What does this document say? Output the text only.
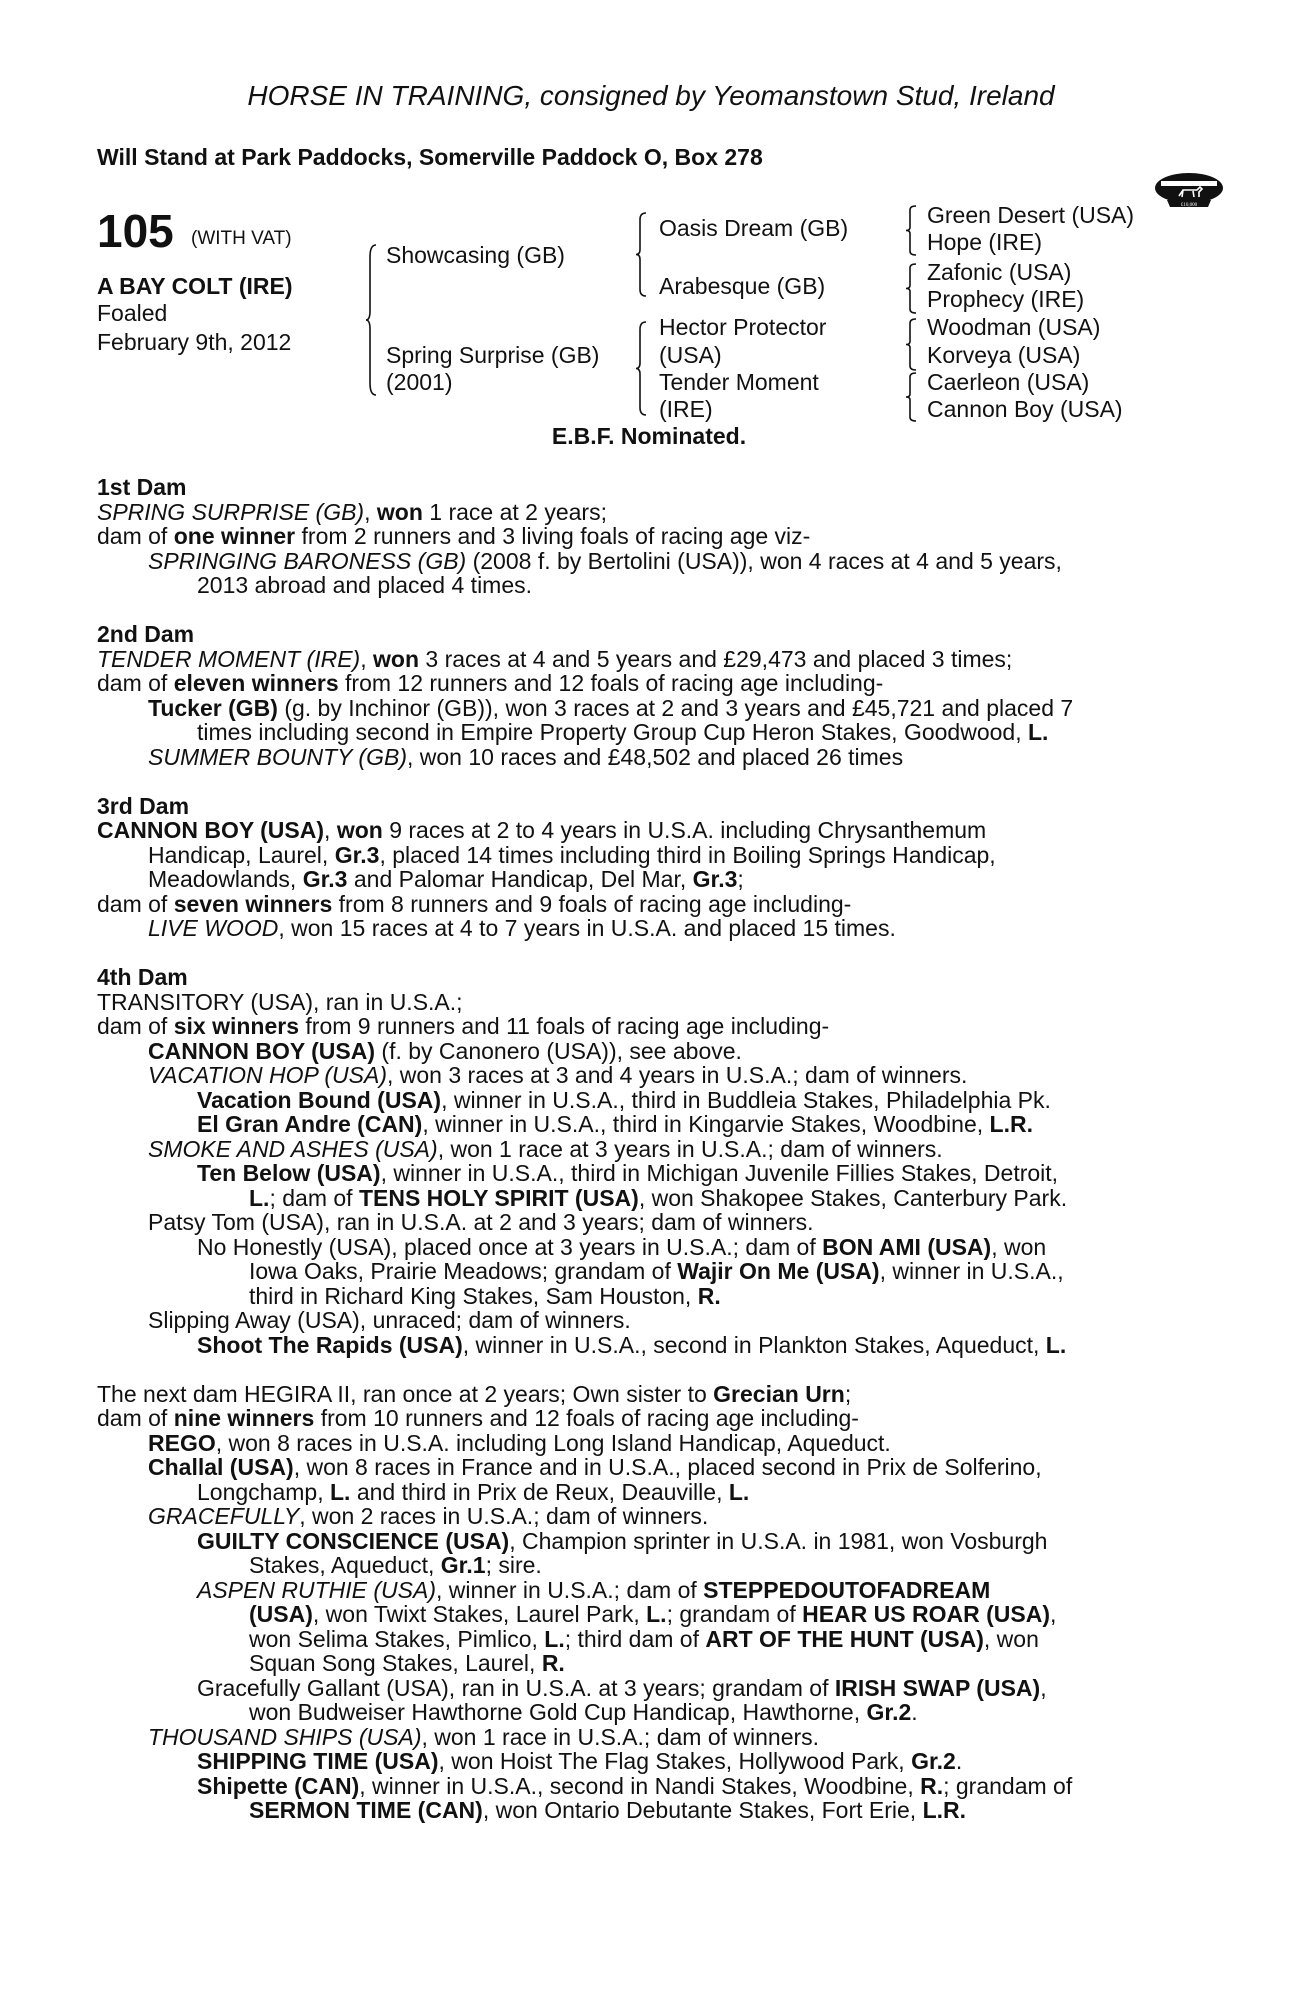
HORSE IN TRAINING, consigned by Yeomanstown Stud, Ireland
Will Stand at Park Paddocks, Somerville Paddock O, Box 278
£10,000
105 (WITH VAT)
A BAY COLT (IRE)
Foaled
February 9th, 2012
Showcasing (GB)
Spring Surprise (GB)
(2001)
Oasis Dream (GB)
Arabesque (GB)
Hector Protector
(USA)
Tender Moment
(IRE)
Green Desert (USA)
Hope (IRE)
Zafonic (USA)
Prophecy (IRE)
Woodman (USA)
Korveya (USA)
Caerleon (USA)
Cannon Boy (USA)
E.B.F. Nominated.
1st Dam
SPRING SURPRISE (GB), won 1 race at 2 years;
dam of one winner from 2 runners and 3 living foals of racing age viz-
SPRINGING BARONESS (GB) (2008 f. by Bertolini (USA)), won 4 races at 4 and 5 years,
2013 abroad and placed 4 times.
2nd Dam
TENDER MOMENT (IRE), won 3 races at 4 and 5 years and £29,473 and placed 3 times;
dam of eleven winners from 12 runners and 12 foals of racing age including-
Tucker (GB) (g. by Inchinor (GB)), won 3 races at 2 and 3 years and £45,721 and placed 7
times including second in Empire Property Group Cup Heron Stakes, Goodwood, L.
SUMMER BOUNTY (GB), won 10 races and £48,502 and placed 26 times
3rd Dam
CANNON BOY (USA), won 9 races at 2 to 4 years in U.S.A. including Chrysanthemum
Handicap, Laurel, Gr.3, placed 14 times including third in Boiling Springs Handicap,
Meadowlands, Gr.3 and Palomar Handicap, Del Mar, Gr.3;
dam of seven winners from 8 runners and 9 foals of racing age including-
LIVE WOOD, won 15 races at 4 to 7 years in U.S.A. and placed 15 times.
4th Dam
TRANSITORY (USA), ran in U.S.A.;
dam of six winners from 9 runners and 11 foals of racing age including-
CANNON BOY (USA) (f. by Canonero (USA)), see above.
VACATION HOP (USA), won 3 races at 3 and 4 years in U.S.A.; dam of winners.
Vacation Bound (USA), winner in U.S.A., third in Buddleia Stakes, Philadelphia Pk.
El Gran Andre (CAN), winner in U.S.A., third in Kingarvie Stakes, Woodbine, L.R.
SMOKE AND ASHES (USA), won 1 race at 3 years in U.S.A.; dam of winners.
Ten Below (USA), winner in U.S.A., third in Michigan Juvenile Fillies Stakes, Detroit,
L.; dam of TENS HOLY SPIRIT (USA), won Shakopee Stakes, Canterbury Park.
Patsy Tom (USA), ran in U.S.A. at 2 and 3 years; dam of winners.
No Honestly (USA), placed once at 3 years in U.S.A.; dam of BON AMI (USA), won
Iowa Oaks, Prairie Meadows; grandam of Wajir On Me (USA), winner in U.S.A.,
third in Richard King Stakes, Sam Houston, R.
Slipping Away (USA), unraced; dam of winners.
Shoot The Rapids (USA), winner in U.S.A., second in Plankton Stakes, Aqueduct, L.
The next dam HEGIRA II, ran once at 2 years; Own sister to Grecian Urn;
dam of nine winners from 10 runners and 12 foals of racing age including-
REGO, won 8 races in U.S.A. including Long Island Handicap, Aqueduct.
Challal (USA), won 8 races in France and in U.S.A., placed second in Prix de Solferino,
Longchamp, L. and third in Prix de Reux, Deauville, L.
GRACEFULLY, won 2 races in U.S.A.; dam of winners.
GUILTY CONSCIENCE (USA), Champion sprinter in U.S.A. in 1981, won Vosburgh
Stakes, Aqueduct, Gr.1; sire.
ASPEN RUTHIE (USA), winner in U.S.A.; dam of STEPPEDOUTOFADREAM
(USA), won Twixt Stakes, Laurel Park, L.; grandam of HEAR US ROAR (USA),
won Selima Stakes, Pimlico, L.; third dam of ART OF THE HUNT (USA), won
Squan Song Stakes, Laurel, R.
Gracefully Gallant (USA), ran in U.S.A. at 3 years; grandam of IRISH SWAP (USA),
won Budweiser Hawthorne Gold Cup Handicap, Hawthorne, Gr.2.
THOUSAND SHIPS (USA), won 1 race in U.S.A.; dam of winners.
SHIPPING TIME (USA), won Hoist The Flag Stakes, Hollywood Park, Gr.2.
Shipette (CAN), winner in U.S.A., second in Nandi Stakes, Woodbine, R.; grandam of
SERMON TIME (CAN), won Ontario Debutante Stakes, Fort Erie, L.R.
